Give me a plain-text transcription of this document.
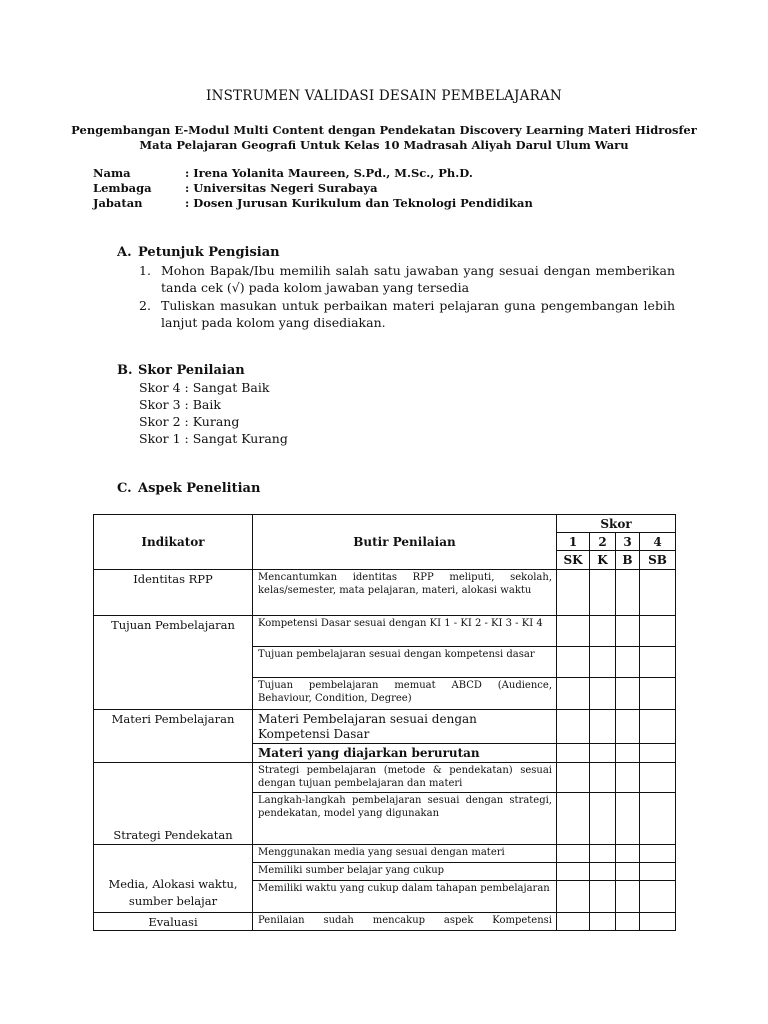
INSTRUMEN VALIDASI DESAIN PEMBELAJARAN
Pengembangan E-Modul Multi Content dengan Pendekatan Discovery Learning Materi Hidrosfer
Mata Pelajaran Geografi Untuk Kelas 10 Madrasah Aliyah Darul Ulum Waru
Nama	: Irena Yolanita Maureen, S.Pd., M.Sc., Ph.D.
Lembaga	: Universitas Negeri Surabaya
Jabatan	: Dosen Jurusan Kurikulum dan Teknologi Pendidikan
A. Petunjuk Pengisian
1. Mohon Bapak/Ibu memilih salah satu jawaban yang sesuai dengan memberikan tanda cek (√) pada kolom jawaban yang tersedia
2. Tuliskan masukan untuk perbaikan materi pelajaran guna pengembangan lebih lanjut pada kolom yang disediakan.
B. Skor Penilaian
Skor 4 : Sangat Baik
Skor 3 : Baik
Skor 2 : Kurang
Skor 1 : Sangat Kurang
C. Aspek Penelitian
Indikator	Butir Penilaian	Skor			
		1	2	3	4
		SK	K	B	SB
Identitas RPP	Mencantumkan identitas RPP meliputi, sekolah, kelas/semester, mata pelajaran, materi, alokasi waktu				
Tujuan Pembelajaran	Kompetensi Dasar sesuai dengan KI 1 - KI 2 - KI 3 - KI 4				
	Tujuan pembelajaran sesuai dengan kompetensi dasar				
	Tujuan pembelajaran memuat ABCD (Audience, Behaviour, Condition, Degree)				
Materi Pembelajaran	Materi Pembelajaran sesuai dengan Kompetensi Dasar				
	Materi yang diajarkan berurutan				
Strategi Pendekatan	Strategi pembelajaran (metode & pendekatan) sesuai dengan tujuan pembelajaran dan materi				
	Langkah-langkah pembelajaran sesuai dengan strategi, pendekatan, model yang digunakan				
Media, Alokasi waktu, sumber belajar	Menggunakan media yang sesuai dengan materi				
	Memiliki sumber belajar yang cukup				
	Memiliki waktu yang cukup dalam tahapan pembelajaran				
Evaluasi	Penilaian sudah mencakup aspek Kompetensi				
